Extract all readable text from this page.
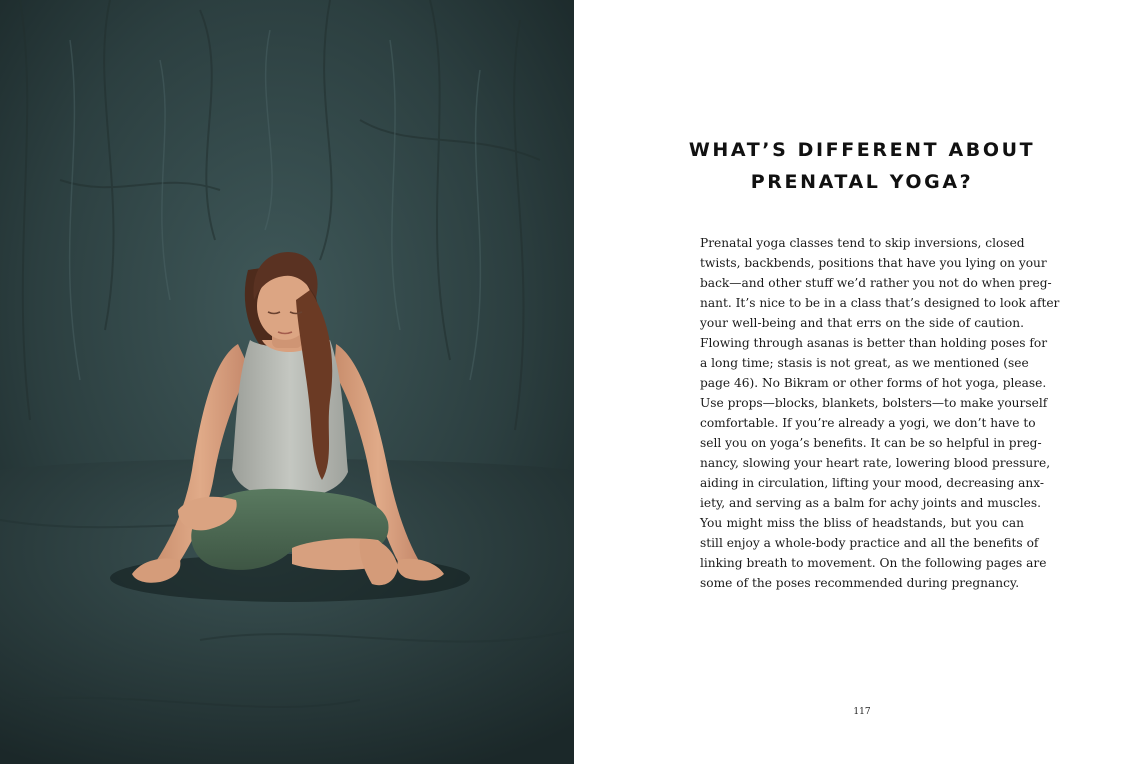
WHAT’S DIFFERENT ABOUT
PRENATAL YOGA?
Prenatal yoga classes tend to skip inversions, closed
twists, backbends, positions that have you lying on your
back—and other stuff we’d rather you not do when preg-
nant. It’s nice to be in a class that’s designed to look after
your well-being and that errs on the side of caution.
Flowing through asanas is better than holding poses for
a long time; stasis is not great, as we mentioned (see
page 46). No Bikram or other forms of hot yoga, please.
Use props—blocks, blankets, bolsters—to make yourself
comfortable. If you’re already a yogi, we don’t have to
sell you on yoga’s benefits. It can be so helpful in preg-
nancy, slowing your heart rate, lowering blood pressure,
aiding in circulation, lifting your mood, decreasing anx-
iety, and serving as a balm for achy joints and muscles.
You might miss the bliss of headstands, but you can
still enjoy a whole-body practice and all the benefits of
linking breath to movement. On the following pages are
some of the poses recommended during pregnancy.
117
